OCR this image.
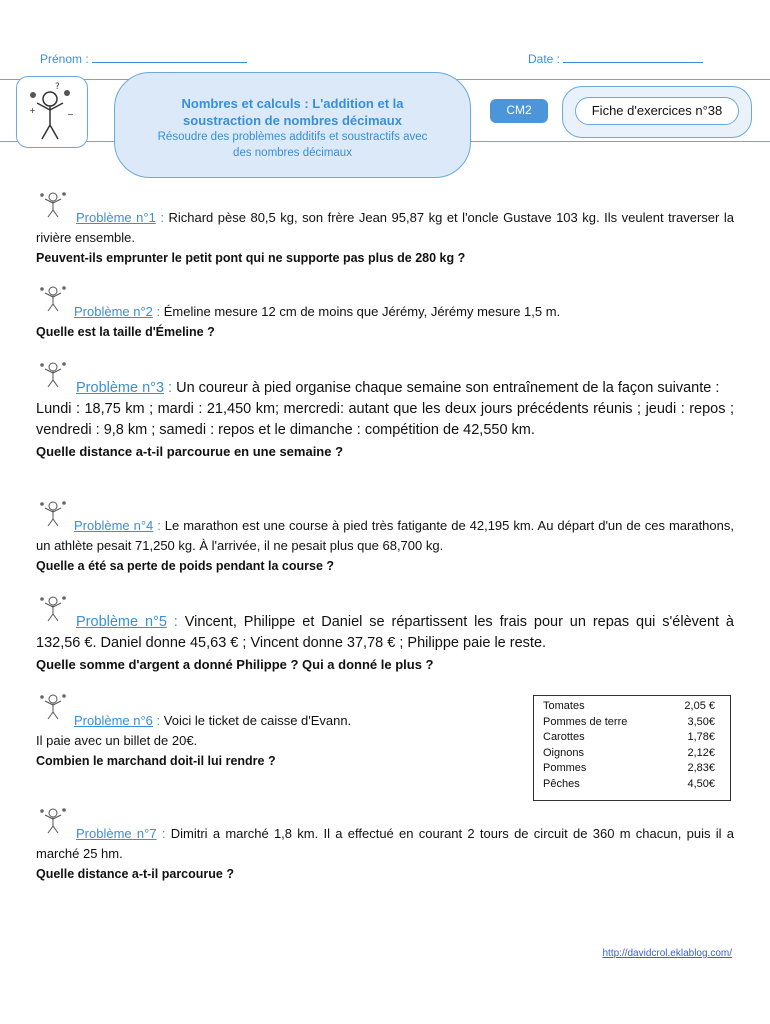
Prénom :	Date :
?
+	−
Nombres et calculs : L'addition et la
soustraction de nombres décimaux
Résoudre des problèmes additifs et soustractifs avec
des nombres décimaux
CM2	Fiche d'exercices n°38
Problème n°1 : Richard pèse 80,5 kg, son frère Jean 95,87 kg et l'oncle Gustave 103 kg. Ils veulent traverser la rivière ensemble.
Peuvent-ils emprunter le petit pont qui ne supporte pas plus de 280 kg ?
Problème n°2 : Émeline mesure 12 cm de moins que Jérémy, Jérémy mesure 1,5 m.
Quelle est la taille d'Émeline ?
Problème n°3 : Un coureur à pied organise chaque semaine son entraînement de la façon suivante :
Lundi : 18,75 km ; mardi : 21,450 km; mercredi: autant que les deux jours précédents réunis ; jeudi : repos ; vendredi : 9,8 km ; samedi : repos et le dimanche : compétition de 42,550 km.
Quelle distance a-t-il parcourue en une semaine ?
Problème n°4 : Le marathon est une course à pied très fatigante de 42,195 km. Au départ d'un de ces marathons, un athlète pesait 71,250 kg. À l'arrivée, il ne pesait plus que 68,700 kg.
Quelle a été sa perte de poids pendant la course ?
Problème n°5 : Vincent, Philippe et Daniel se répartissent les frais pour un repas qui s'élèvent à 132,56 €. Daniel donne 45,63 € ; Vincent donne 37,78 € ; Philippe paie le reste.
Quelle somme d'argent a donné Philippe ? Qui a donné le plus ?
Problème n°6 : Voici le ticket de caisse d'Evann.
Il paie avec un billet de 20€.
Combien le marchand doit-il lui rendre ?
Tomates	2,05 €
Pommes de terre	3,50€
Carottes	1,78€
Oignons	2,12€
Pommes	2,83€
Pêches	4,50€
Problème n°7 : Dimitri a marché 1,8 km. Il a effectué en courant 2 tours de circuit de 360 m chacun, puis il a marché 25 hm.
Quelle distance a-t-il parcourue ?
http://davidcrol.eklablog.com/
